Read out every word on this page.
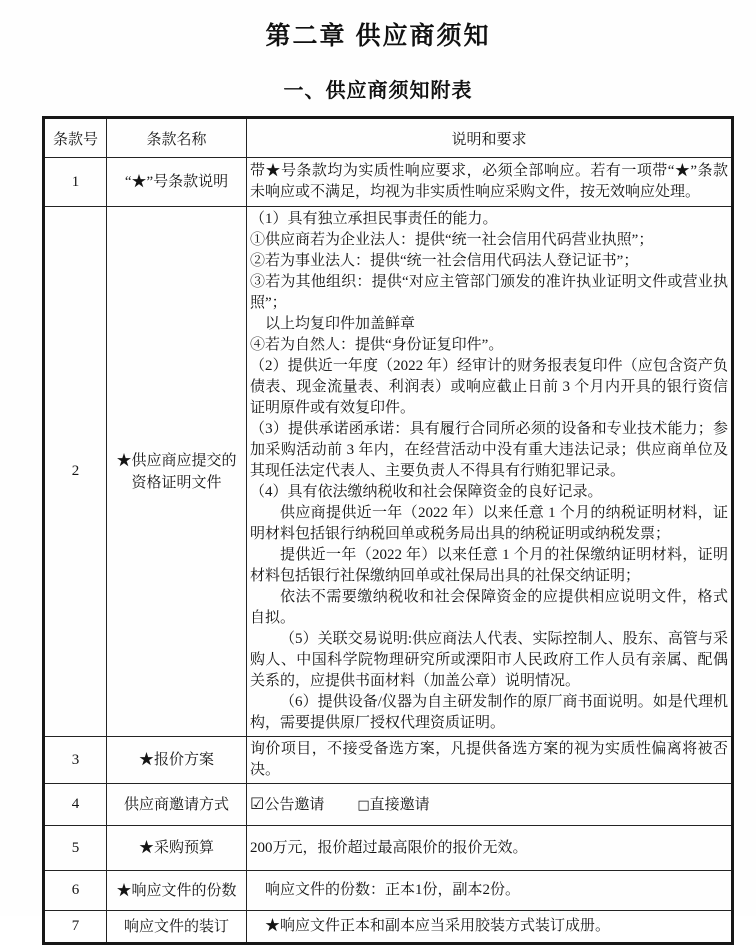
第二章 供应商须知
一、供应商须知附表
条款号	条款名称	说明和要求
1	“★”号条款说明	带★号条款均为实质性响应要求，必须全部响应。若有一项带“★”条款未响应或不满足，均视为非实质性响应采购文件，按无效响应处理。

2	★供应商应提交的资格证明文件	

（1）具有独立承担民事责任的能力。

①供应商若为企业法人：提供“统一社会信用代码营业执照”；

②若为事业法人：提供“统一社会信用代码法人登记证书”；

③若为其他组织：提供“对应主管部门颁发的准许执业证明文件或营业执照”；

以上均复印件加盖鲜章

④若为自然人：提供“身份证复印件”。

（2）提供近一年度（2022 年）经审计的财务报表复印件（应包含资产负债表、现金流量表、利润表）或响应截止日前 3 个月内开具的银行资信证明原件或有效复印件。

（3）提供承诺函承诺：具有履行合同所必须的设备和专业技术能力；参加采购活动前 3 年内，在经营活动中没有重大违法记录；供应商单位及其现任法定代表人、主要负责人不得具有行贿犯罪记录。

（4）具有依法缴纳税收和社会保障资金的良好记录。

供应商提供近一年（2022 年）以来任意 1 个月的纳税证明材料，证明材料包括银行纳税回单或税务局出具的纳税证明或纳税发票；

提供近一年（2022 年）以来任意 1 个月的社保缴纳证明材料，证明材料包括银行社保缴纳回单或社保局出具的社保交纳证明；

依法不需要缴纳税收和社会保障资金的应提供相应说明文件，格式自拟。

（5）关联交易说明:供应商法人代表、实际控制人、股东、高管与采购人、中国科学院物理研究所或溧阳市人民政府工作人员有亲属、配偶关系的，应提供书面材料（加盖公章）说明情况。

（6）提供设备/仪器为自主研发制作的原厂商书面说明。如是代理机构，需要提供原厂授权代理资质证明。

3	★报价方案	询价项目，不接受备选方案，凡提供备选方案的视为实质性偏离将被否决。

4	供应商邀请方式	☑公告邀请 □直接邀请

5	★采购预算	200万元，报价超过最高限价的报价无效。

6	★响应文件的份数	响应文件的份数：正本1份，副本2份。

7	响应文件的装订	★响应文件正本和副本应当采用胶装方式装订成册。
